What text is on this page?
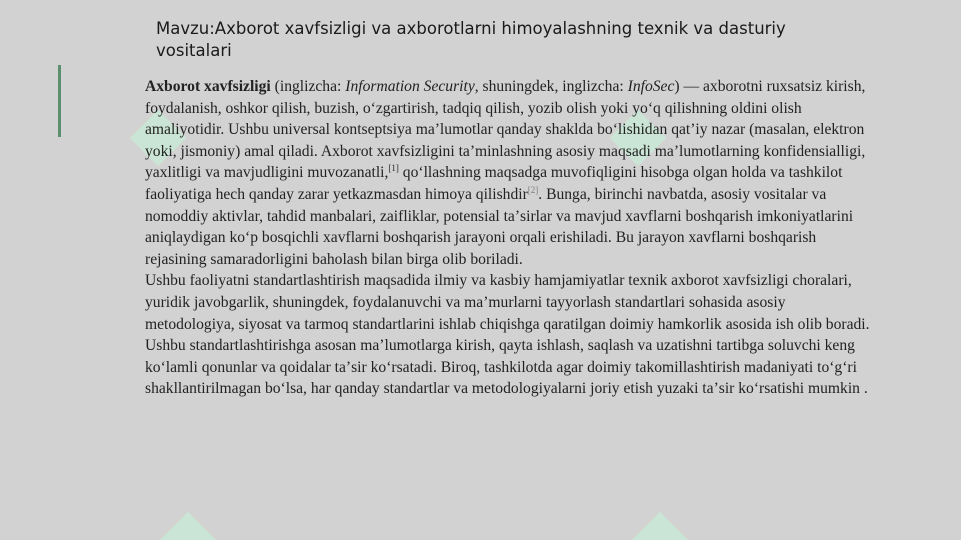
Mavzu:Axborot xavfsizligi va axborotlarni himoyalashning texnik va dasturiy vositalari

Axborot xavfsizligi (inglizcha: Information Security, shuningdek, inglizcha: InfoSec) — axborotni ruxsatsiz kirish, foydalanish, oshkor qilish, buzish, oʻzgartirish, tadqiq qilish, yozib olish yoki yoʻq qilishning oldini olish amaliyotidir. Ushbu universal kontseptsiya maʼlumotlar qanday shaklda boʻlishidan qatʼiy nazar (masalan, elektron yoki, jismoniy) amal qiladi. Axborot xavfsizligini taʼminlashning asosiy maqsadi maʼlumotlarning konfidensialligi, yaxlitligi va mavjudligini muvozanatli,[1] qoʻllashning maqsadga muvofiqligini hisobga olgan holda va tashkilot faoliyatiga hech qanday zarar yetkazmasdan himoya qilishdir[2]. Bunga, birinchi navbatda, asosiy vositalar va nomoddiy aktivlar, tahdid manbalari, zaifliklar, potensial taʼsirlar va mavjud xavflarni boshqarish imkoniyatlarini aniqlaydigan koʻp bosqichli xavflarni boshqarish jarayoni orqali erishiladi. Bu jarayon xavflarni boshqarish rejasining samaradorligini baholash bilan birga olib boriladi.

Ushbu faoliyatni standartlashtirish maqsadida ilmiy va kasbiy hamjamiyatlar texnik axborot xavfsizligi choralari, yuridik javobgarlik, shuningdek, foydalanuvchi va maʼmurlarni tayyorlash standartlari sohasida asosiy metodologiya, siyosat va tarmoq standartlarini ishlab chiqishga qaratilgan doimiy hamkorlik asosida ish olib boradi. Ushbu standartlashtirishga asosan maʼlumotlarga kirish, qayta ishlash, saqlash va uzatishni tartibga soluvchi keng koʻlamli qonunlar va qoidalar taʼsir koʻrsatadi. Biroq, tashkilotda agar doimiy takomillashtirish madaniyati toʻgʻri shakllantirilmagan boʻlsa, har qanday standartlar va metodologiyalarni joriy etish yuzaki taʼsir koʻrsatishi mumkin .
